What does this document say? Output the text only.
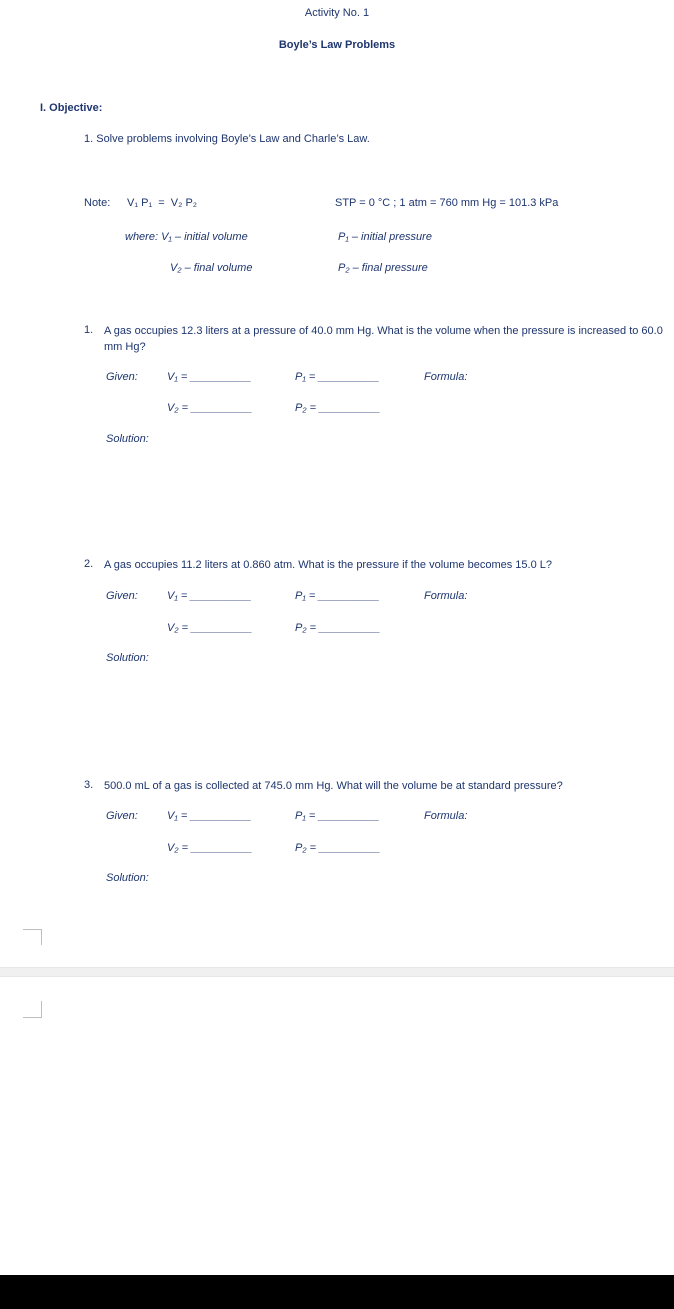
Activity No. 1
Boyle’s Law Problems
I. Objective:
1. Solve problems involving Boyle’s Law and Charle’s Law.
Note: V₁ P₁  =  V₂ P₂	STP = 0 °C ; 1 atm = 760 mm Hg = 101.3 kPa
where: V₁ – initial volume	P₁ – initial pressure
V₂ – final volume	P₂ – final pressure
1. A gas occupies 12.3 liters at a pressure of 40.0 mm Hg. What is the volume when the pressure is increased to 60.0 mm Hg?
Given:	V₁ = __________	P₁ = __________	Formula:
V₂ = __________	P₂ = __________
Solution:
2. A gas occupies 11.2 liters at 0.860 atm. What is the pressure if the volume becomes 15.0 L?
Given:	V₁ = __________	P₁ = __________	Formula:
V₂ = __________	P₂ = __________
Solution:
3. 500.0 mL of a gas is collected at 745.0 mm Hg. What will the volume be at standard pressure?
Given:	V₁ = __________	P₁ = __________	Formula:
V₂ = __________	P₂ = __________
Solution:
